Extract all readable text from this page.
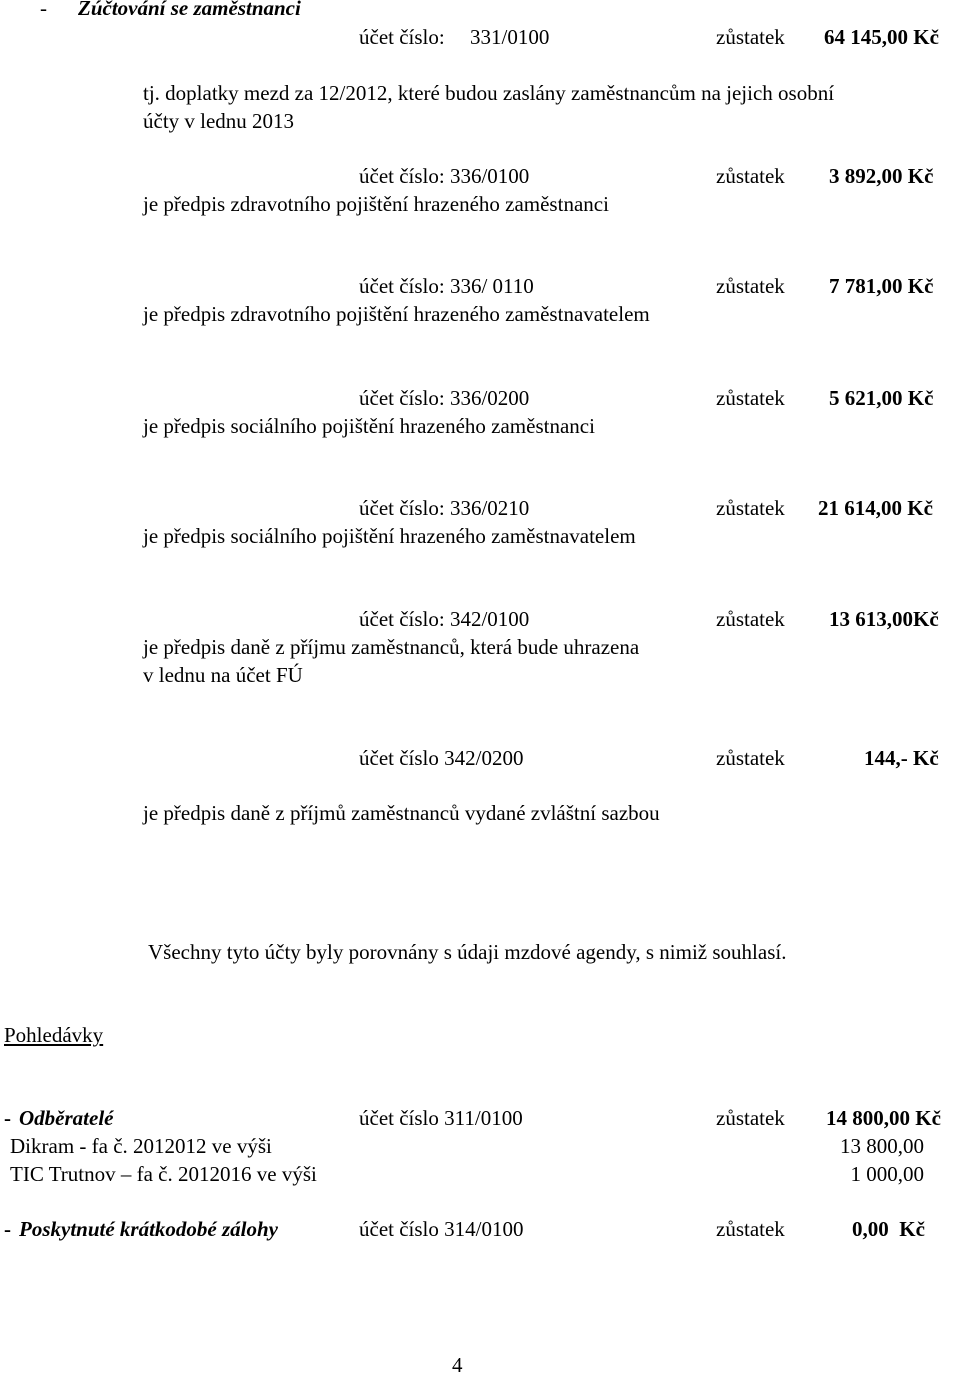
- Zúčtování se zaměstnanci
účet číslo: 331/0100	zůstatek 64 145,00 Kč
tj. doplatky mezd za 12/2012, které budou zaslány zaměstnancům na jejich osobní
účty v lednu 2013
účet číslo: 336/0100	zůstatek 3 892,00 Kč
je předpis zdravotního pojištění hrazeného zaměstnanci
účet číslo: 336/ 0110	zůstatek 7 781,00 Kč
je předpis zdravotního pojištění hrazeného zaměstnavatelem
účet číslo: 336/0200	zůstatek 5 621,00 Kč
je předpis sociálního pojištění hrazeného zaměstnanci
účet číslo: 336/0210	zůstatek 21 614,00 Kč
je předpis sociálního pojištění hrazeného zaměstnavatelem
účet číslo: 342/0100	zůstatek 13 613,00Kč
je předpis daně z příjmu zaměstnanců, která bude uhrazena
v lednu na účet FÚ
účet číslo 342/0200	zůstatek	144,- Kč
je předpis daně z příjmů zaměstnanců vydané zvláštní sazbou
Všechny tyto účty byly porovnány s údaji mzdové agendy, s nimiž souhlasí.
Pohledávky
- Odběratelé	účet číslo 311/0100	zůstatek 14 800,00 Kč
Dikram - fa č. 2012012 ve výši	13 800,00
TIC Trutnov – fa č. 2012016 ve výši	1 000,00
- Poskytnuté krátkodobé zálohy	účet číslo 314/0100	zůstatek	0,00  Kč
4
